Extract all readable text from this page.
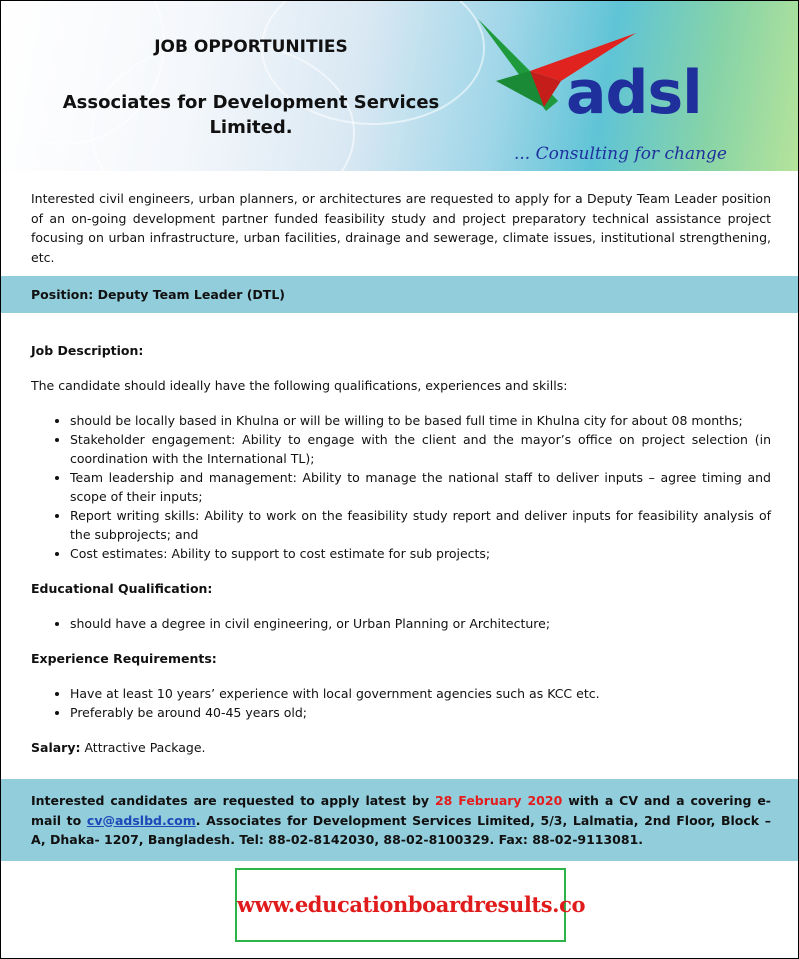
JOB OPPORTUNITIES
Associates for Development Services Limited.	adsl
... Consulting for change
Interested civil engineers, urban planners, or architectures are requested to apply for a Deputy Team Leader position of an on-going development partner funded feasibility study and project preparatory technical assistance project focusing on urban infrastructure, urban facilities, drainage and sewerage, climate issues, institutional strengthening, etc.
Position: Deputy Team Leader (DTL)

Job Description:

The candidate should ideally have the following qualifications, experiences and skills:

• should be locally based in Khulna or will be willing to be based full time in Khulna city for about 08 months;
• Stakeholder engagement: Ability to engage with the client and the mayor’s office on project selection (in coordination with the International TL);
• Team leadership and management: Ability to manage the national staff to deliver inputs – agree timing and scope of their inputs;
• Report writing skills: Ability to work on the feasibility study report and deliver inputs for feasibility analysis of the subprojects; and
• Cost estimates: Ability to support to cost estimate for sub projects;

Educational Qualification:

• should have a degree in civil engineering, or Urban Planning or Architecture;

Experience Requirements:

• Have at least 10 years’ experience with local government agencies such as KCC etc.
• Preferably be around 40-45 years old;

Salary: Attractive Package.

Interested candidates are requested to apply latest by 28 February 2020 with a CV and a covering e-mail to cv@adslbd.com. Associates for Development Services Limited, 5/3, Lalmatia, 2nd Floor, Block – A, Dhaka- 1207, Bangladesh. Tel: 88-02-8142030, 88-02-8100329. Fax: 88-02-9113081.
www.educationboardresults.co
